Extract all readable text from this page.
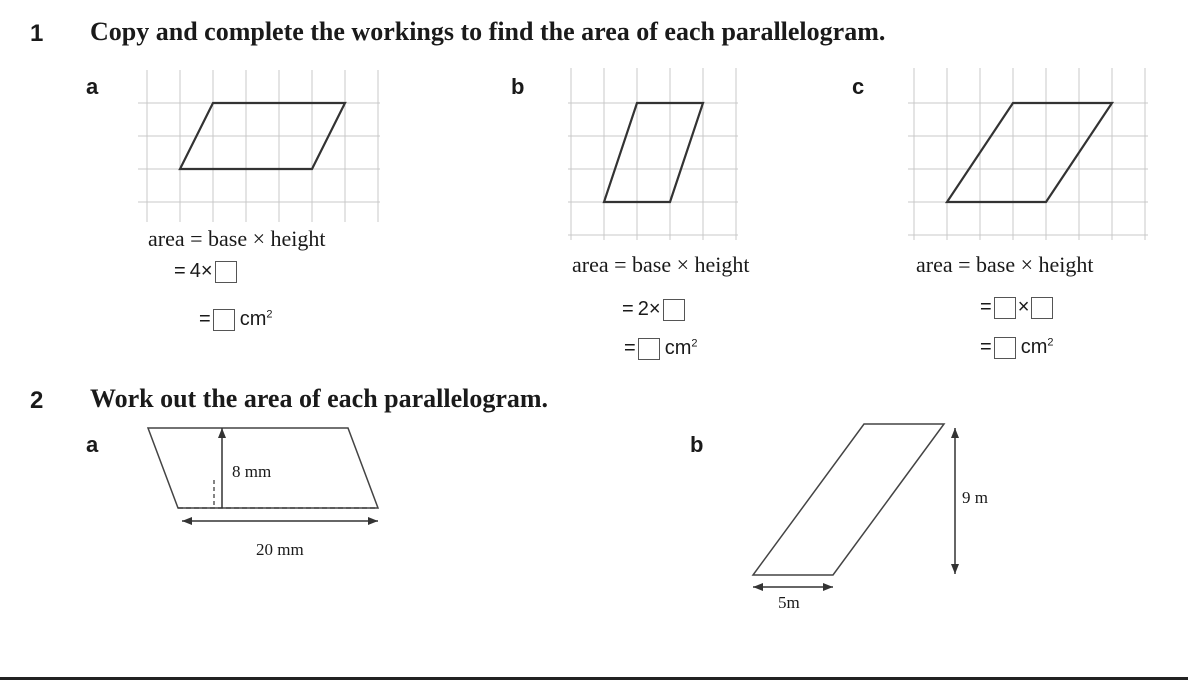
1 Copy and complete the workings to find the area of each parallelogram.
a	b	c
area = base × height
= 4 ×
= $cm^2$
area = base × height
= 2 ×
= $cm^2$
area = base × height
= ×
= $cm^2$
2 Work out the area of each parallelogram.
a	b
8 mm
20 mm
9 m
5m
